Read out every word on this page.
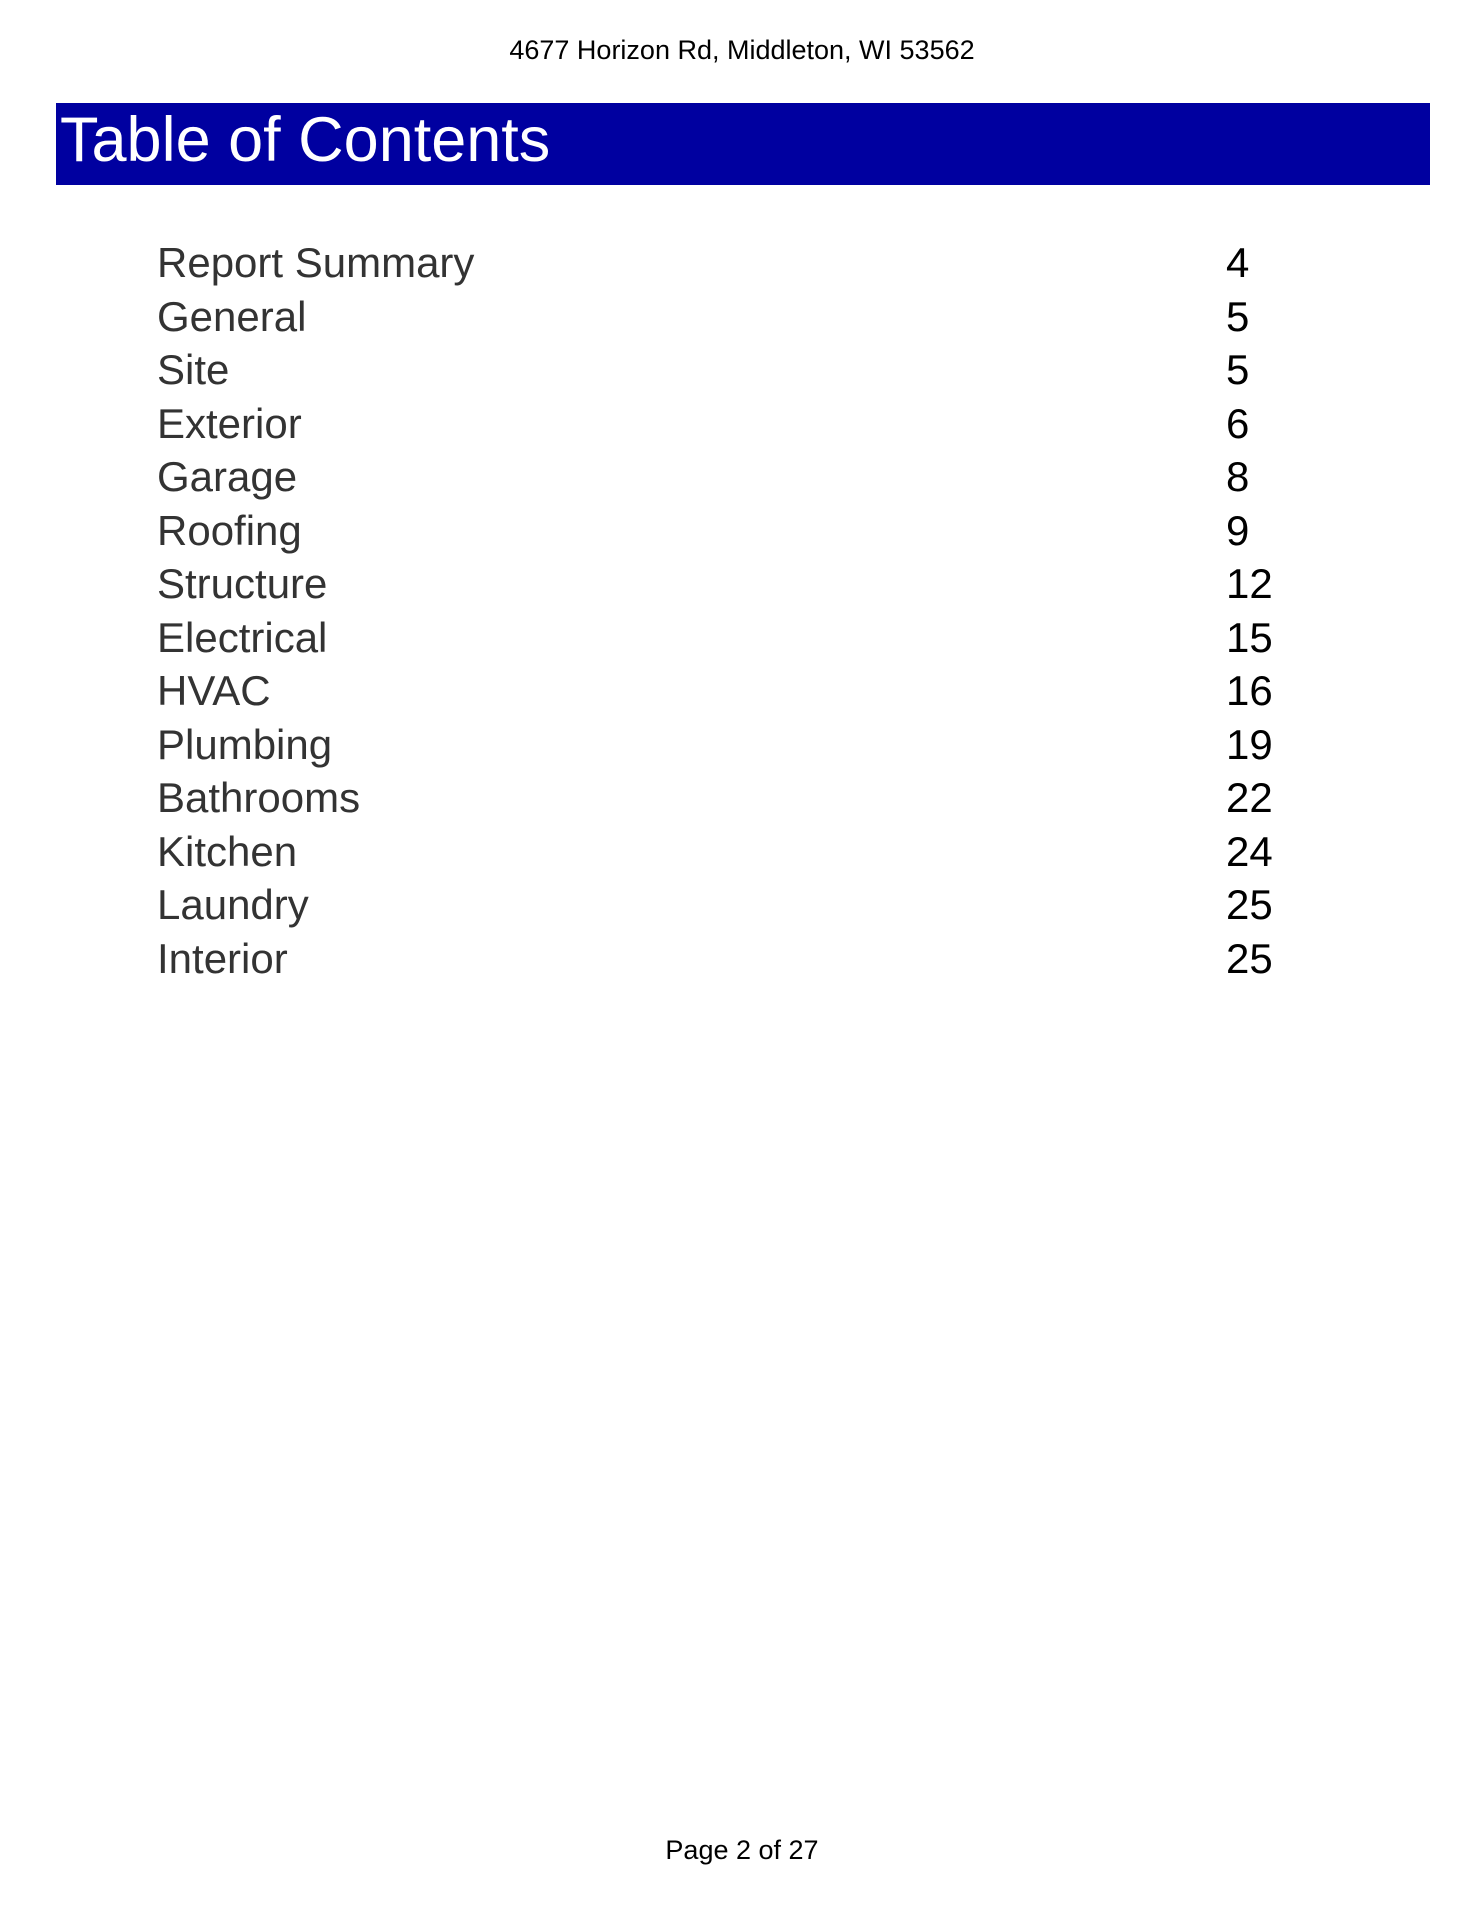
4677 Horizon Rd, Middleton, WI 53562
Table of Contents
Report Summary	4
General	5
Site	5
Exterior	6
Garage	8
Roofing	9
Structure	12
Electrical	15
HVAC	16
Plumbing	19
Bathrooms	22
Kitchen	24
Laundry	25
Interior	25
Page 2 of 27
